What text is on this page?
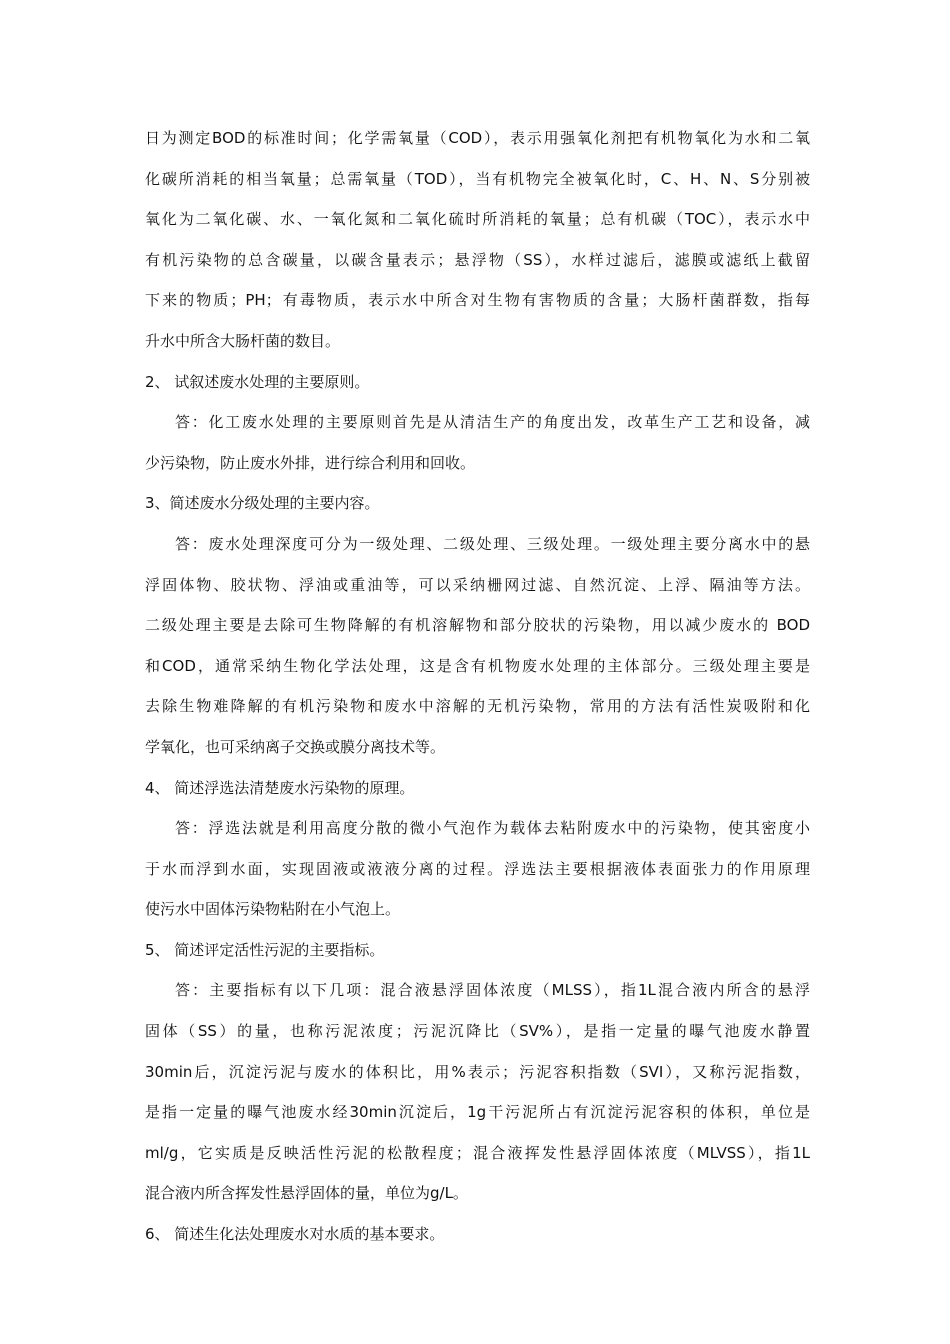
日为测定BOD的标准时间；化学需氧量（COD），表示用强氧化剂把有机物氧化为水和二氧
化碳所消耗的相当氧量；总需氧量（TOD），当有机物完全被氧化时，C、H、N、S分别被
氧化为二氧化碳、水、一氧化氮和二氧化硫时所消耗的氧量；总有机碳（TOC），表示水中
有机污染物的总含碳量，以碳含量表示；悬浮物（SS），水样过滤后，滤膜或滤纸上截留
下来的物质；PH；有毒物质，表示水中所含对生物有害物质的含量；大肠杆菌群数，指每
升水中所含大肠杆菌的数目。
2、 试叙述废水处理的主要原则。
答：化工废水处理的主要原则首先是从清洁生产的角度出发，改革生产工艺和设备，减
少污染物，防止废水外排，进行综合利用和回收。
3、简述废水分级处理的主要内容。
答：废水处理深度可分为一级处理、二级处理、三级处理。一级处理主要分离水中的悬
浮固体物、胶状物、浮油或重油等，可以采纳栅网过滤、自然沉淀、上浮、隔油等方法。
二级处理主要是去除可生物降解的有机溶解物和部分胶状的污染物，用以减少废水的 BOD
和COD，通常采纳生物化学法处理，这是含有机物废水处理的主体部分。三级处理主要是
去除生物难降解的有机污染物和废水中溶解的无机污染物，常用的方法有活性炭吸附和化
学氧化，也可采纳离子交换或膜分离技术等。
4、 简述浮选法清楚废水污染物的原理。
答：浮选法就是利用高度分散的微小气泡作为载体去粘附废水中的污染物，使其密度小
于水而浮到水面，实现固液或液液分离的过程。浮选法主要根据液体表面张力的作用原理
使污水中固体污染物粘附在小气泡上。
5、 简述评定活性污泥的主要指标。
答：主要指标有以下几项：混合液悬浮固体浓度（MLSS），指1L混合液内所含的悬浮
固体（SS）的量，也称污泥浓度；污泥沉降比（SV%），是指一定量的曝气池废水静置
30min后，沉淀污泥与废水的体积比，用%表示；污泥容积指数（SVI），又称污泥指数，
是指一定量的曝气池废水经30min沉淀后，1g干污泥所占有沉淀污泥容积的体积，单位是
ml/g，它实质是反映活性污泥的松散程度；混合液挥发性悬浮固体浓度（MLVSS），指1L
混合液内所含挥发性悬浮固体的量，单位为g/L。
6、 简述生化法处理废水对水质的基本要求。
